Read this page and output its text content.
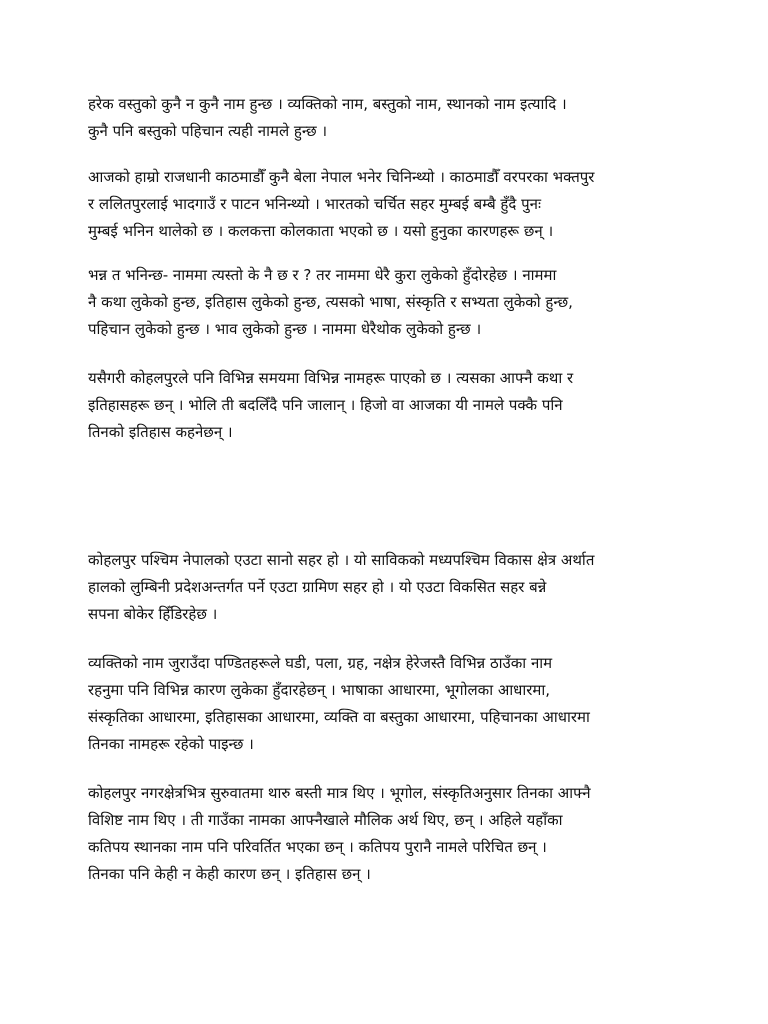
हरेक वस्तुको कुनै न कुनै नाम हुन्छ । व्यक्तिको नाम, बस्तुको नाम, स्थानको नाम इत्यादि ।
कुनै पनि बस्तुको पहिचान त्यही नामले हुन्छ ।
आजको हाम्रो राजधानी काठमाडौँ कुनै बेला नेपाल भनेर चिनिन्थ्यो । काठमाडौँ वरपरका भक्तपुर
र ललितपुरलाई भादगाउँ र पाटन भनिन्थ्यो । भारतको चर्चित सहर मुम्बई बम्बै हुँदै पुनः
मुम्बई भनिन थालेको छ । कलकत्ता कोलकाता भएको छ । यसो हुनुका कारणहरू छन् ।
भन्न त भनिन्छ- नाममा त्यस्तो के नै छ र ? तर नाममा धेरै कुरा लुकेको हुँदोरहेछ । नाममा
नै कथा लुकेको हुन्छ, इतिहास लुकेको हुन्छ, त्यसको भाषा, संस्कृति र सभ्यता लुकेको हुन्छ,
पहिचान लुकेको हुन्छ । भाव लुकेको हुन्छ । नाममा धेरैथोक लुकेको हुन्छ ।
यसैगरी कोहलपुरले पनि विभिन्न समयमा विभिन्न नामहरू पाएको छ । त्यसका आफ्नै कथा र
इतिहासहरू छन् । भोलि ती बदलिँदै पनि जालान् । हिजो वा आजका यी नामले पक्कै पनि
तिनको इतिहास कहनेछन् ।
कोहलपुर पश्चिम नेपालको एउटा सानो सहर हो । यो साविकको मध्यपश्चिम विकास क्षेत्र अर्थात
हालको लुम्बिनी प्रदेशअन्तर्गत पर्ने एउटा ग्रामिण सहर हो । यो एउटा विकसित सहर बन्ने
सपना बोकेर हिँडिरहेछ ।
व्यक्तिको नाम जुराउँदा पण्डितहरूले घडी, पला, ग्रह, नक्षेत्र हेरेजस्तै विभिन्न ठाउँका नाम
रहनुमा पनि विभिन्न कारण लुकेका हुँदारहेछन् । भाषाका आधारमा, भूगोलका आधारमा,
संस्कृतिका आधारमा, इतिहासका आधारमा, व्यक्ति वा बस्तुका आधारमा, पहिचानका आधारमा
तिनका नामहरू रहेको पाइन्छ ।
कोहलपुर नगरक्षेत्रभित्र सुरुवातमा थारु बस्ती मात्र थिए । भूगोल, संस्कृतिअनुसार तिनका आफ्नै
विशिष्ट नाम थिए । ती गाउँका नामका आफ्नैखाले मौलिक अर्थ थिए, छन् । अहिले यहाँका
कतिपय स्थानका नाम पनि परिवर्तित भएका छन् । कतिपय पुरानै नामले परिचित छन् ।
तिनका पनि केही न केही कारण छन् । इतिहास छन् ।
